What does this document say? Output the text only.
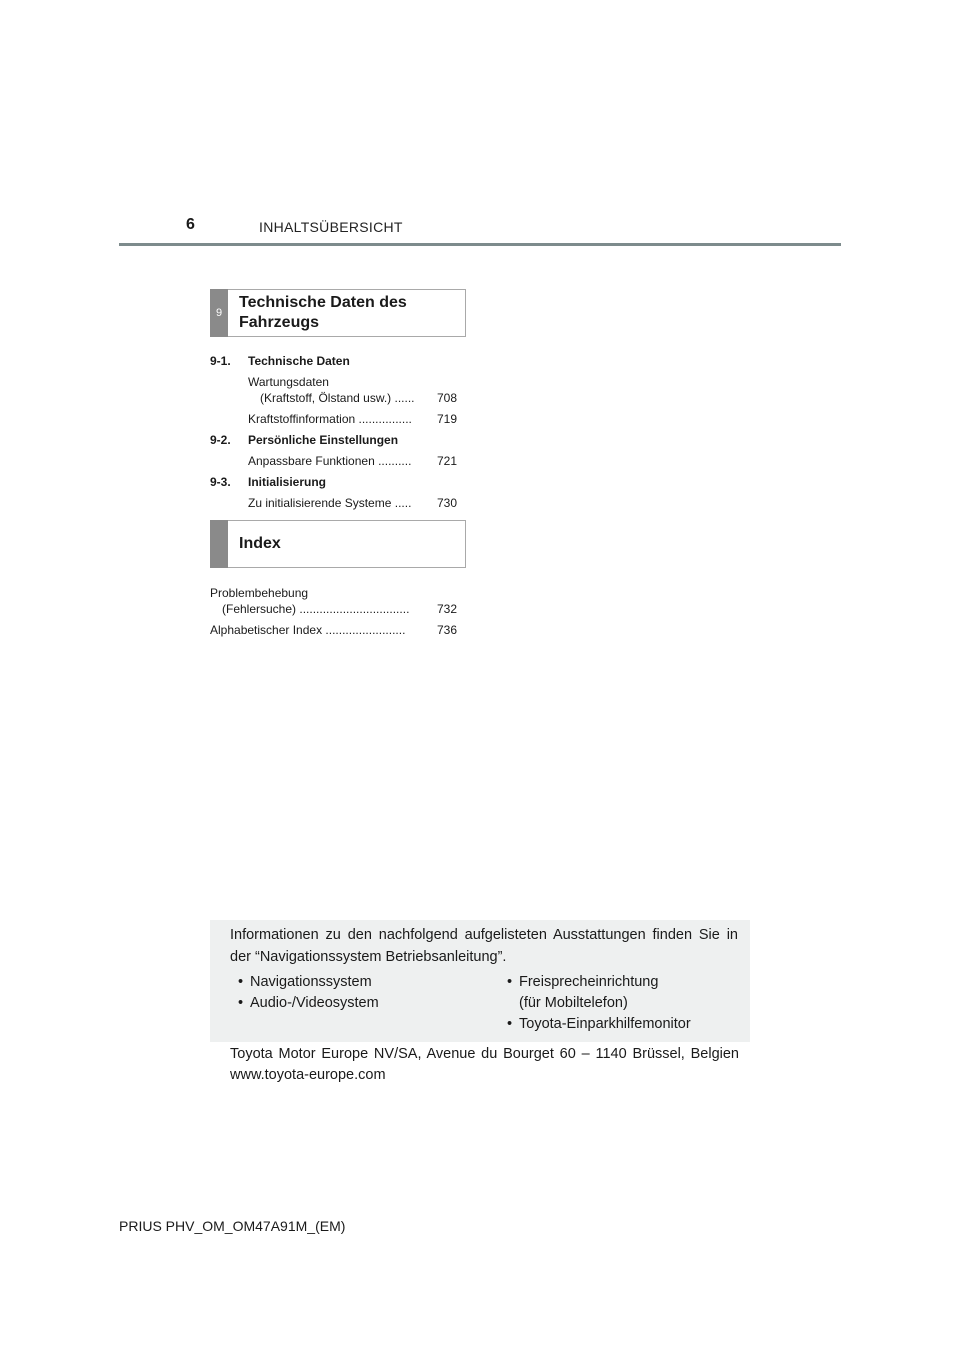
6	INHALTSÜBERSICHT
9
Technische Daten des
Fahrzeugs
9-1. Technische Daten
Wartungsdaten
(Kraftstoff, Ölstand usw.) ......	708
Kraftstoffinformation ................ 719
9-2. Persönliche Einstellungen
Anpassbare Funktionen .......... 721
9-3. Initialisierung
Zu initialisierende Systeme ..... 730
Index
Problembehebung
(Fehlersuche) .................................	732
Alphabetischer Index ........................	736
Informationen zu den nachfolgend aufgelisteten Ausstattungen finden Sie in der “Navigationssystem Betriebsanleitung”.
• Navigationssystem
• Audio-/Videosystem
• Freisprecheinrichtung
(für Mobiltelefon)
• Toyota-Einparkhilfemonitor
Toyota Motor Europe NV/SA, Avenue du Bourget 60 – 1140 Brüssel, Belgien www.toyota-europe.com
PRIUS PHV_OM_OM47A91M_(EM)
